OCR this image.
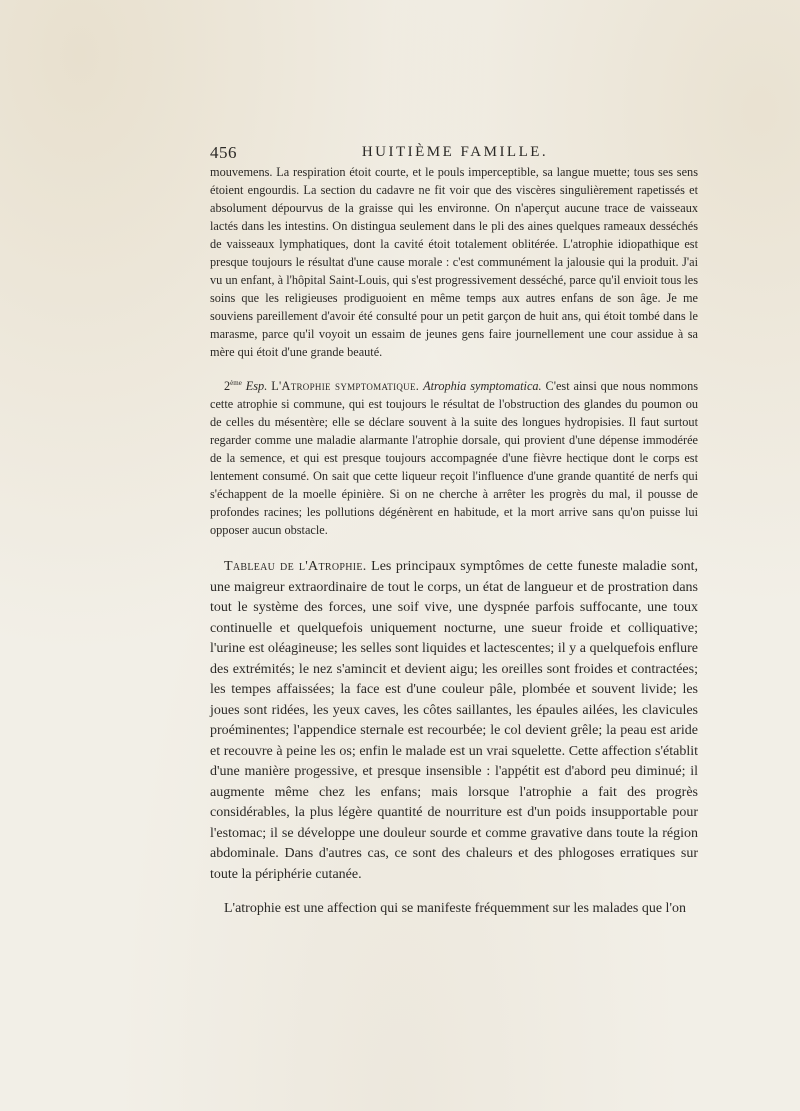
456	HUITIÈME FAMILLE.

mouvemens. La respiration étoit courte, et le pouls imperceptible, sa langue muette; tous ses sens étoient engourdis. La section du cadavre ne fit voir que des viscères singulièrement rapetissés et absolument dépourvus de la graisse qui les environne. On n'aperçut aucune trace de vaisseaux lactés dans les intestins. On distingua seulement dans le pli des aines quelques rameaux desséchés de vaisseaux lymphatiques, dont la cavité étoit totalement oblitérée. L'atrophie idiopathique est presque toujours le résultat d'une cause morale : c'est communément la jalousie qui la produit. J'ai vu un enfant, à l'hôpital Saint-Louis, qui s'est progressivement desséché, parce qu'il envioit tous les soins que les religieuses prodiguoient en même temps aux autres enfans de son âge. Je me souviens pareillement d'avoir été consulté pour un petit garçon de huit ans, qui étoit tombé dans le marasme, parce qu'il voyoit un essaim de jeunes gens faire journellement une cour assidue à sa mère qui étoit d'une grande beauté.

2ème Esp. L'Atrophie symptomatique. Atrophia symptomatica. C'est ainsi que nous nommons cette atrophie si commune, qui est toujours le résultat de l'obstruction des glandes du poumon ou de celles du mésentère; elle se déclare souvent à la suite des longues hydropisies. Il faut surtout regarder comme une maladie alarmante l'atrophie dorsale, qui provient d'une dépense immodérée de la semence, et qui est presque toujours accompagnée d'une fièvre hectique dont le corps est lentement consumé. On sait que cette liqueur reçoit l'influence d'une grande quantité de nerfs qui s'échappent de la moelle épinière. Si on ne cherche à arrêter les progrès du mal, il pousse de profondes racines; les pollutions dégénèrent en habitude, et la mort arrive sans qu'on puisse lui opposer aucun obstacle.

Tableau de l'Atrophie. Les principaux symptômes de cette funeste maladie sont, une maigreur extraordinaire de tout le corps, un état de langueur et de prostration dans tout le système des forces, une soif vive, une dyspnée parfois suffocante, une toux continuelle et quelquefois uniquement nocturne, une sueur froide et colliquative; l'urine est oléagineuse; les selles sont liquides et lactescentes; il y a quelquefois enflure des extrémités; le nez s'amincit et devient aigu; les oreilles sont froides et contractées; les tempes affaissées; la face est d'une couleur pâle, plombée et souvent livide; les joues sont ridées, les yeux caves, les côtes saillantes, les épaules ailées, les clavicules proéminentes; l'appendice sternale est recourbée; le col devient grêle; la peau est aride et recouvre à peine les os; enfin le malade est un vrai squelette. Cette affection s'établit d'une manière progessive, et presque insensible : l'appétit est d'abord peu diminué; il augmente même chez les enfans; mais lorsque l'atrophie a fait des progrès considérables, la plus légère quantité de nourriture est d'un poids insupportable pour l'estomac; il se développe une douleur sourde et comme gravative dans toute la région abdominale. Dans d'autres cas, ce sont des chaleurs et des phlogoses erratiques sur toute la périphérie cutanée.

L'atrophie est une affection qui se manifeste fréquemment sur les malades que l'on
